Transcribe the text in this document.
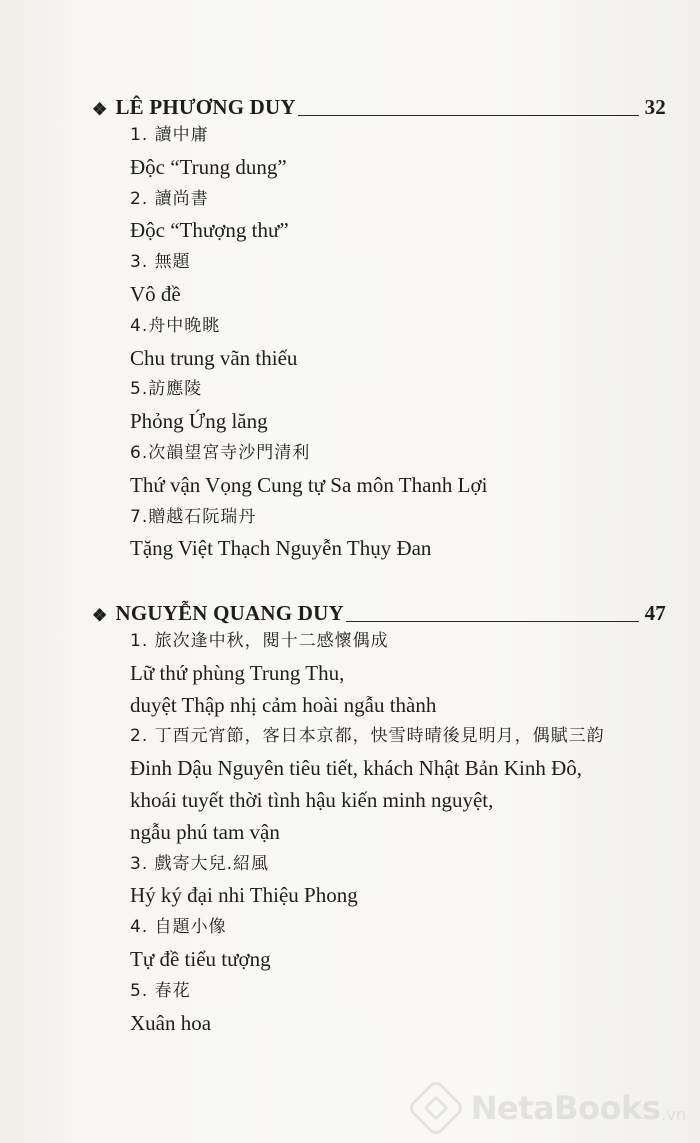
❖ LÊ PHƯƠNG DUY	32
1. 讀中庸
Độc “Trung dung”
2. 讀尚書
Độc “Thượng thư”
3. 無題
Vô đề
4.舟中晚眺
Chu trung vãn thiếu
5.訪應陵
Phỏng Ứng lăng
6.次韻望宮寺沙門清利
Thứ vận Vọng Cung tự Sa môn Thanh Lợi
7.贈越石阮瑞丹
Tặng Việt Thạch Nguyễn Thụy Đan
❖ NGUYỄN QUANG DUY	47
1. 旅次逢中秋，閱十二感懷偶成
Lữ thứ phùng Trung Thu,
duyệt Thập nhị cảm hoài ngẫu thành
2. 丁酉元宵節，客日本京都，快雪時晴後見明月，偶賦三韵
Đinh Dậu Nguyên tiêu tiết, khách Nhật Bản Kinh Đô,
khoái tuyết thời tình hậu kiến minh nguyệt,
ngẫu phú tam vận
3. 戲寄大兒.紹風
Hý ký đại nhi Thiệu Phong
4. 自題小像
Tự đề tiểu tượng
5. 春花
Xuân hoa
NetaBooks .vn
